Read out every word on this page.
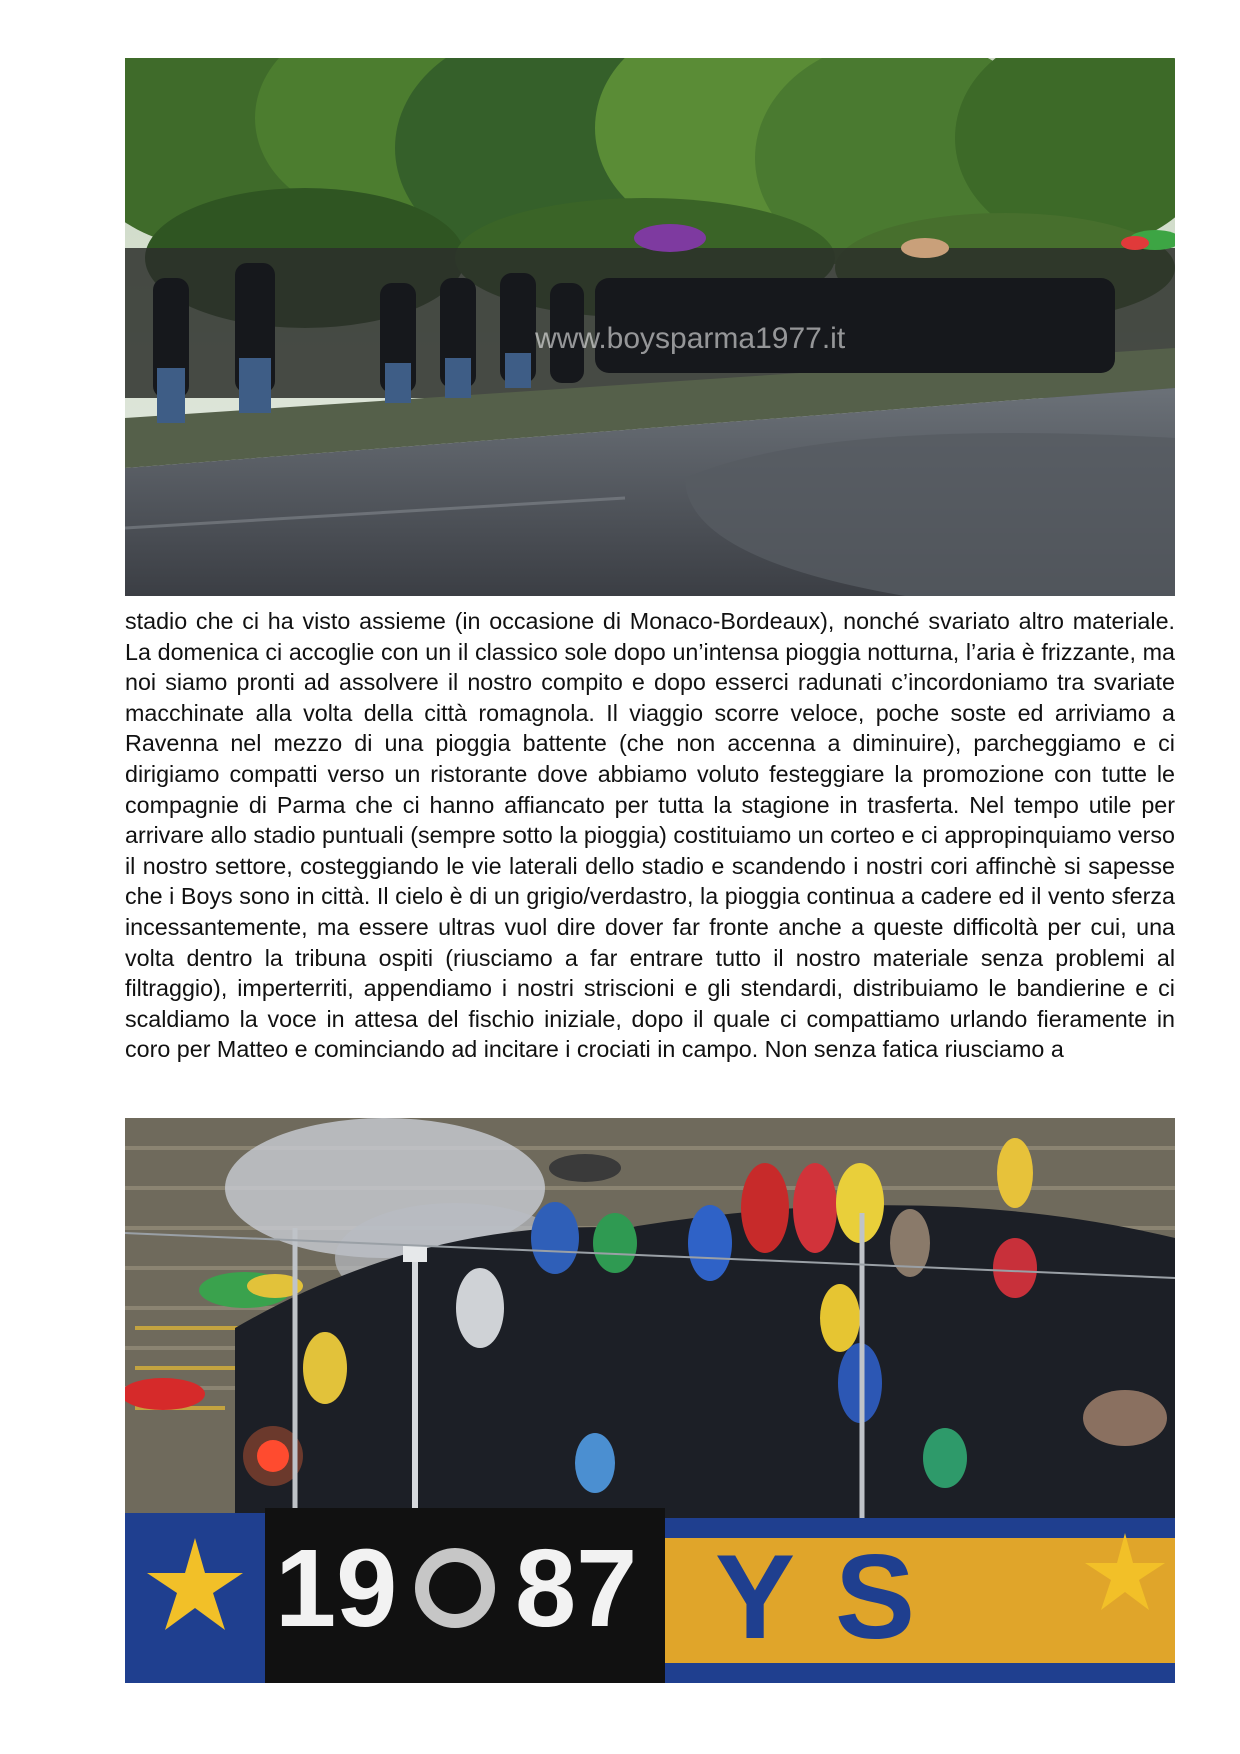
www.boysparma1977.it

stadio che ci ha visto assieme (in occasione di Monaco-Bordeaux), nonché svariato altro materiale. La domenica ci accoglie con un il classico sole dopo un’intensa pioggia notturna, l’aria è frizzante, ma noi siamo pronti ad assolvere il nostro compito e dopo esserci radunati c’incordoniamo tra svariate macchinate alla volta della città romagnola. Il viaggio scorre veloce, poche soste ed arriviamo a Ravenna nel mezzo di una pioggia battente (che non accenna a diminuire), parcheggiamo e ci dirigiamo compatti verso un ristorante dove abbiamo voluto festeggiare la promozione con tutte le compagnie di Parma che ci hanno affiancato per tutta la stagione in trasferta. Nel tempo utile per arrivare allo stadio puntuali (sempre sotto la pioggia) costituiamo un corteo e ci appropinquiamo verso il nostro settore, costeggiando le vie laterali dello stadio e scandendo i nostri cori affinchè si sapesse che i Boys sono in città. Il cielo è di un grigio/verdastro, la pioggia continua a cadere ed il vento sferza incessantemente, ma essere ultras vuol dire dover far fronte anche a queste difficoltà per cui, una volta dentro la tribuna ospiti (riusciamo a far entrare tutto il nostro materiale senza problemi al filtraggio), imperterriti, appendiamo i nostri striscioni e gli stendardi, distribuiamo le bandierine e ci scaldiamo la voce in attesa del fischio iniziale, dopo il quale ci compattiamo urlando fieramente in coro per Matteo e cominciando ad incitare i crociati in campo. Non senza fatica riusciamo a

19 87 YS
